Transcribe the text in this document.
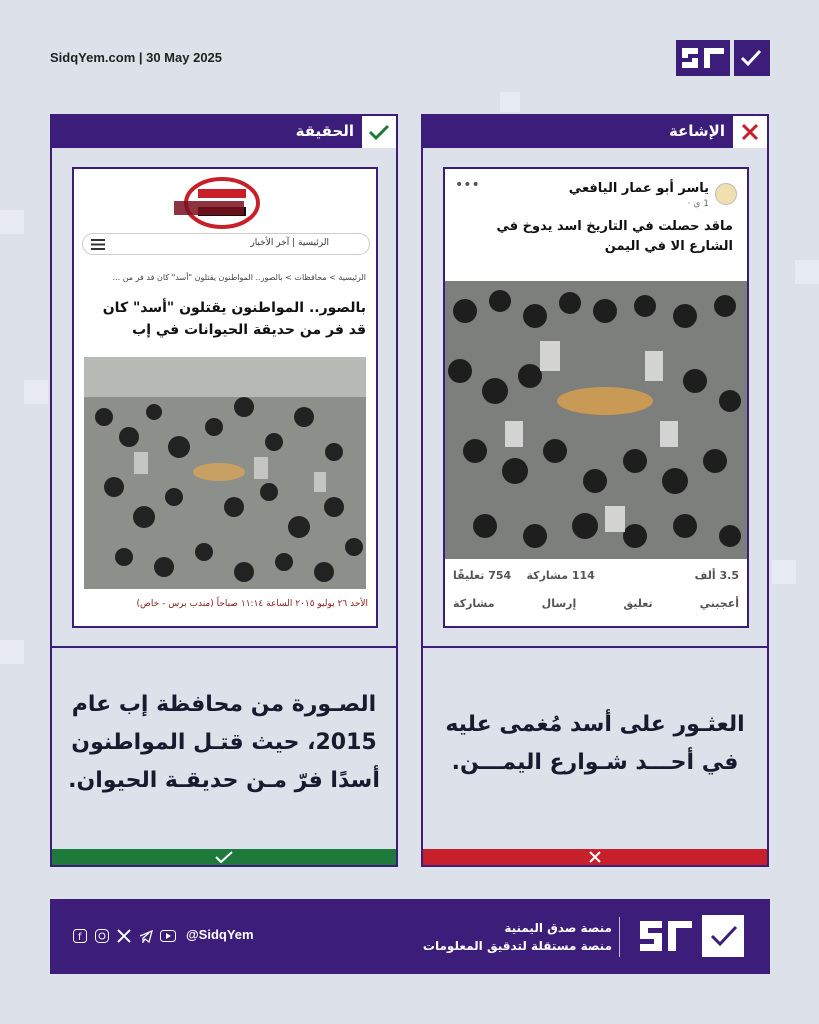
SidqYem.com | 30 May 2025
الحقيقة
الرئيسية | آخر الأخبار
الرئيسية > محافظات > بالصور.. المواطنون يقتلون "أسد" كان قد فر من ...
بالصور.. المواطنون يقتلون "أسد" كان قد فر من حديقة الحيوانات في إب
الأحد ٢٦ يوليو ٢٠١٥ الساعة ١١:١٤ صباحاً (مندب برس - خاص)
الصـورة من محافظة إب عام 2015، حيث قتـل المواطنون أسدًا فرّ مـن حديقـة الحيوان.
الإشاعة
•••	ياسر أبو عمار اليافعي
1 ي ·
ماقد حصلت في التاريخ اسد يدوخ في الشارع الا في اليمن
3.5 ألف
114 مشاركة    754 تعليقًا
أعجبني
تعليق
إرسال
مشاركة
العثـور على أسد مُغمى عليه في أحـــد شـوارع اليمـــن.
f	@SidqYem	منصة صدق اليمنية
منصة مستقلة لتدقيق المعلومات
